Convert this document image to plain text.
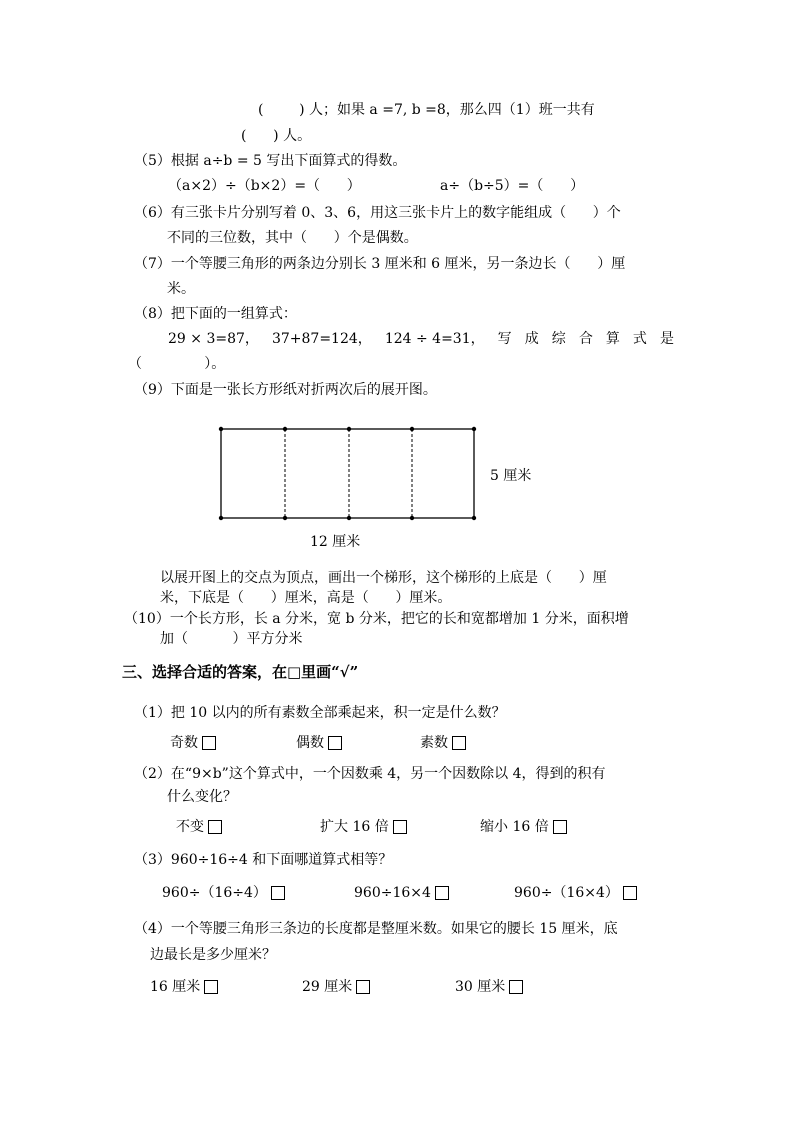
(        ) 人；如果 a =7, b =8，那么四（1）班一共有
(      ) 人。
（5）根据 a÷b = 5 写出下面算式的得数。
（a×2）÷（b×2）=（      ）	a÷（b÷5）=（      ）
（6）有三张卡片分别写着 0、3、6，用这三张卡片上的数字能组成（      ）个
不同的三位数，其中（      ）个是偶数。
（7）一个等腰三角形的两条边分别长 3 厘米和 6 厘米，另一条边长（      ）厘
米。
（8）把下面的一组算式：
29 × 3=87， 37+87=124， 124 ÷ 4=31， 写 成 综 合 算 式 是
（              ）。
（9）下面是一张长方形纸对折两次后的展开图。
5 厘米
12 厘米
以展开图上的交点为顶点，画出一个梯形，这个梯形的上底是（      ）厘
米，下底是（      ）厘米，高是（      ）厘米。
（10）一个长方形，长 a 分米，宽 b 分米，把它的长和宽都增加 1 分米，面积增
加（          ）平方分米
三、选择合适的答案，在□里画“√”
（1）把 10 以内的所有素数全部乘起来，积一定是什么数？
奇数	偶数	素数
（2）在“9×b”这个算式中，一个因数乘 4，另一个因数除以 4，得到的积有
什么变化？
不变	扩大 16 倍	缩小 16 倍
（3）960÷16÷4 和下面哪道算式相等？
960÷（16÷4）	960÷16×4	960÷（16×4）
（4）一个等腰三角形三条边的长度都是整厘米数。如果它的腰长 15 厘米，底
边最长是多少厘米？
16 厘米	29 厘米	30 厘米
